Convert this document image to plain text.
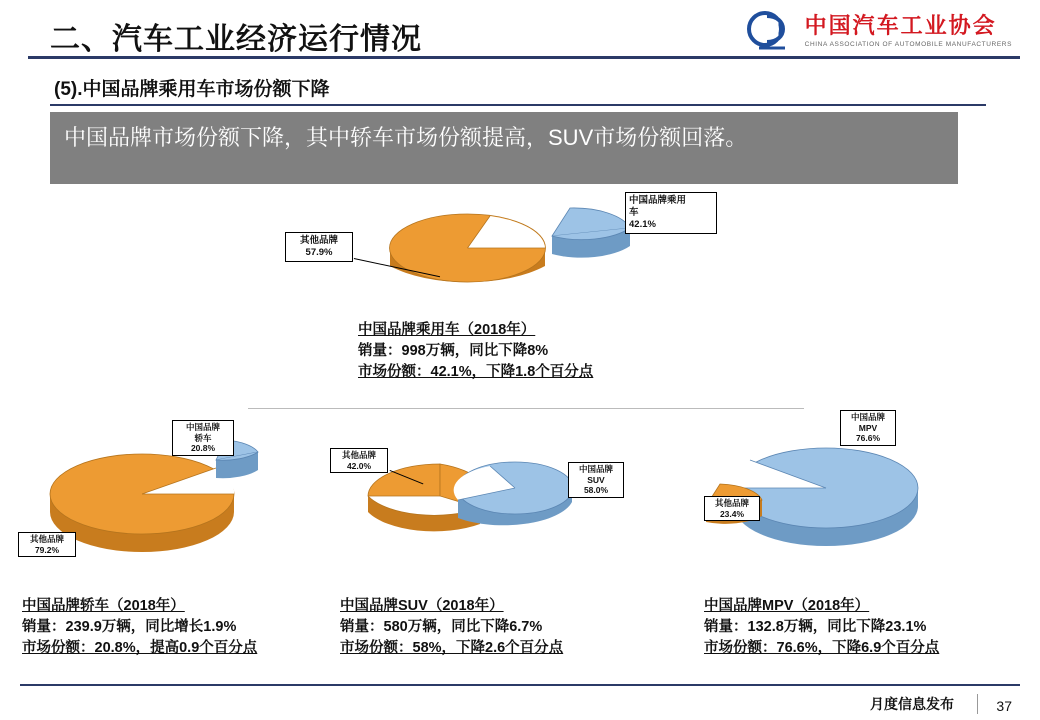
二、汽车工业经济运行情况	中国汽车工业协会
CHINA ASSOCIATION OF AUTOMOBILE MANUFACTURERS
(5).中国品牌乘用车市场份额下降
中国品牌市场份额下降，其中轿车市场份额提高，SUV市场份额回落。
中国品牌乘用
车
42.1%
其他品牌
57.9%
中国品牌乘用车（2018年）
销量：998万辆，同比下降8%
市场份额：42.1%，下降1.8个百分点
中国品牌
轿车
20.8%
其他品牌
79.2%
中国品牌轿车（2018年）
销量：239.9万辆，同比增长1.9%
市场份额：20.8%，提高0.9个百分点
其他品牌
42.0%	中国品牌
SUV
58.0%
中国品牌SUV（2018年）
销量：580万辆，同比下降6.7%
市场份额：58%，下降2.6个百分点
中国品牌
MPV
76.6%
其他品牌
23.4%
中国品牌MPV（2018年）
销量：132.8万辆，同比下降23.1%
市场份额：76.6%，下降6.9个百分点
月度信息发布	37
